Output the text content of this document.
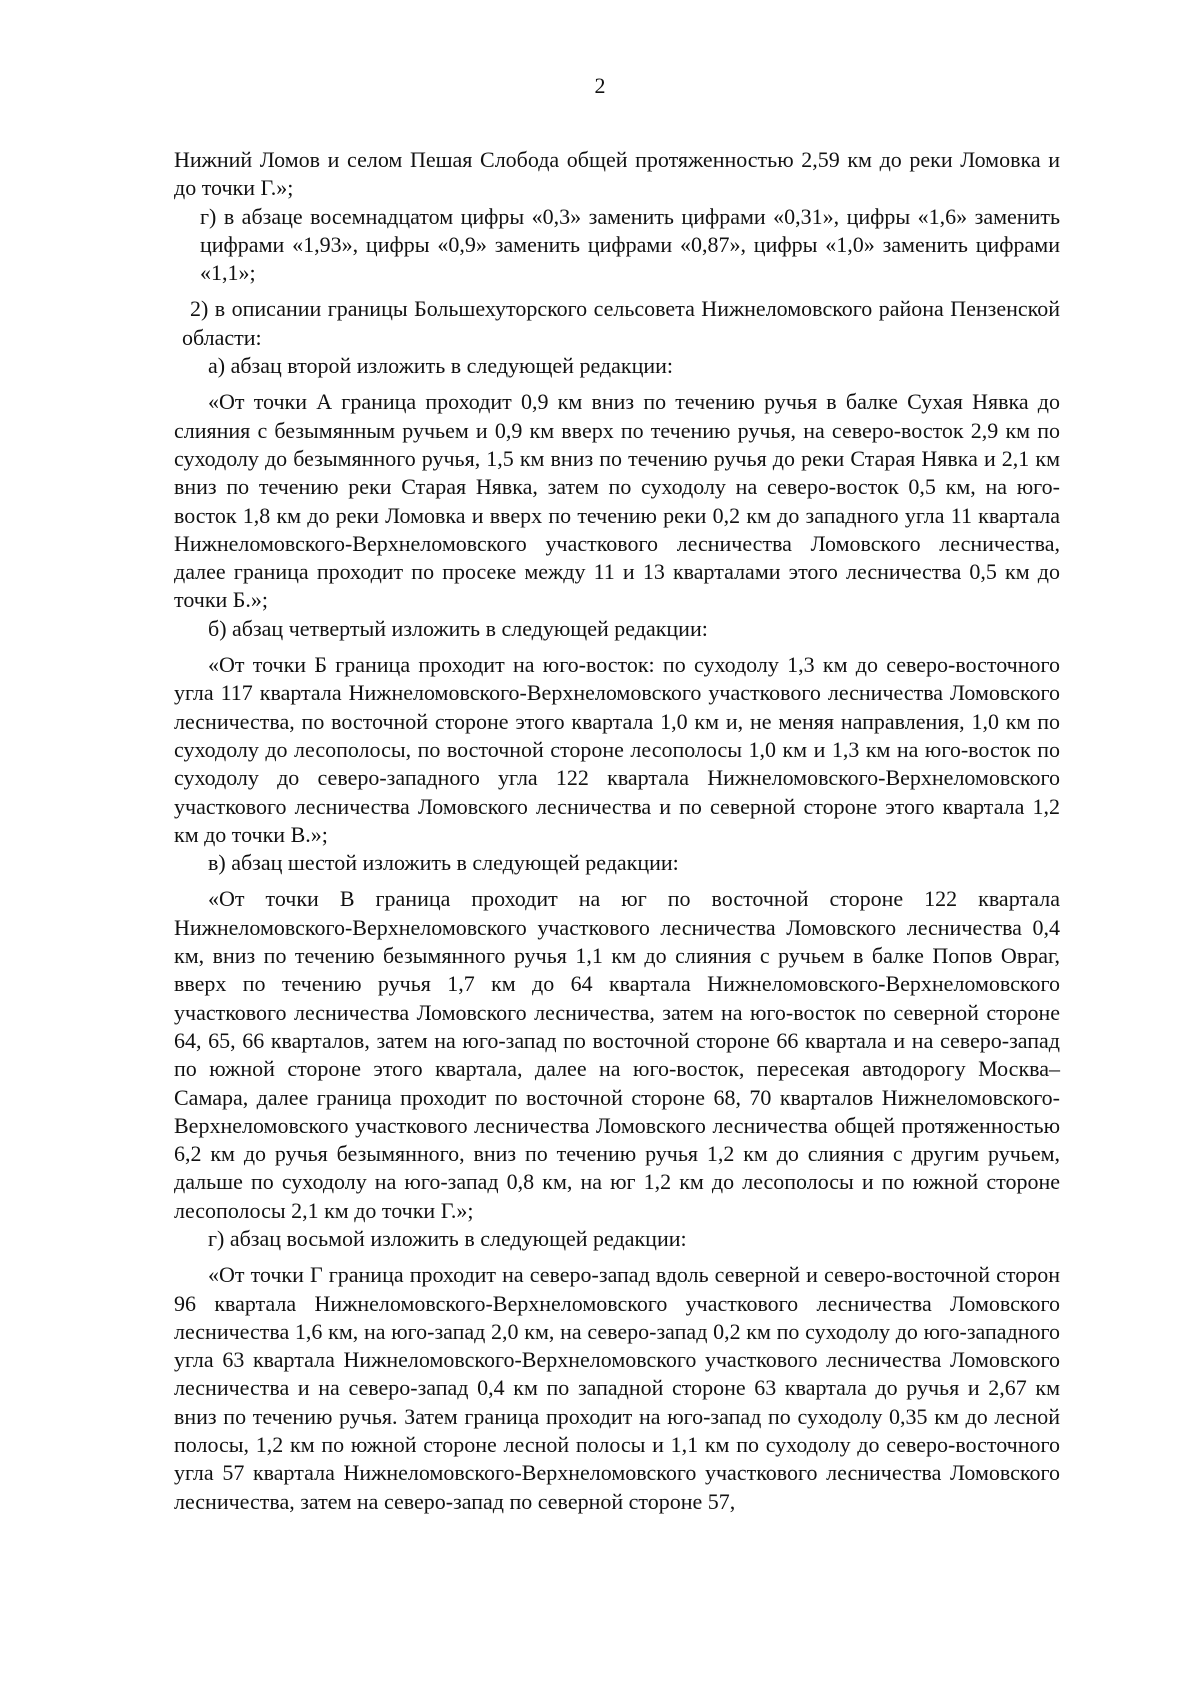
2

Нижний Ломов и селом Пешая Слобода общей протяженностью 2,59 км до реки Ломовка и до точки Г.»;

г) в абзаце восемнадцатом цифры «0,3» заменить цифрами «0,31», цифры «1,6» заменить цифрами «1,93», цифры «0,9» заменить цифрами «0,87», цифры «1,0» заменить цифрами «1,1»;

2) в описании границы Большехуторского сельсовета Нижнеломовского района Пензенской области:

а) абзац второй изложить в следующей редакции:

«От точки А граница проходит 0,9 км вниз по течению ручья в балке Сухая Нявка до слияния с безымянным ручьем и 0,9 км вверх по течению ручья, на северо-восток 2,9 км по суходолу до безымянного ручья, 1,5 км вниз по течению ручья до реки Старая Нявка и 2,1 км вниз по течению реки Старая Нявка, затем по суходолу на северо-восток 0,5 км, на юго-восток 1,8 км до реки Ломовка и вверх по течению реки 0,2 км до западного угла 11 квартала Нижнеломовского-Верхнеломовского участкового лесничества Ломовского лесничества, далее граница проходит по просеке между 11 и 13 кварталами этого лесничества 0,5 км до точки Б.»;

б) абзац четвертый изложить в следующей редакции:

«От точки Б граница проходит на юго-восток: по суходолу 1,3 км до северо-восточного угла 117 квартала Нижнеломовского-Верхнеломовского участкового лесничества Ломовского лесничества, по восточной стороне этого квартала 1,0 км и, не меняя направления, 1,0 км по суходолу до лесополосы, по восточной стороне лесополосы 1,0 км и 1,3 км на юго-восток по суходолу до северо-западного угла 122 квартала Нижнеломовского-Верхнеломовского участкового лесничества Ломовского лесничества и по северной стороне этого квартала 1,2 км до точки В.»;

в) абзац шестой изложить в следующей редакции:

«От точки В граница проходит на юг по восточной стороне 122 квартала Нижнеломовского-Верхнеломовского участкового лесничества Ломовского лесничества 0,4 км, вниз по течению безымянного ручья 1,1 км до слияния с ручьем в балке Попов Овраг, вверх по течению ручья 1,7 км до 64 квартала Нижнеломовского-Верхнеломовского участкового лесничества Ломовского лесничества, затем на юго-восток по северной стороне 64, 65, 66 кварталов, затем на юго-запад по восточной стороне 66 квартала и на северо-запад по южной стороне этого квартала, далее на юго-восток, пересекая автодорогу Москва–Самара, далее граница проходит по восточной стороне 68, 70 кварталов Нижнеломовского-Верхнеломовского участкового лесничества Ломовского лесничества общей протяженностью 6,2 км до ручья безымянного, вниз по течению ручья 1,2 км до слияния с другим ручьем, дальше по суходолу на юго-запад 0,8 км, на юг 1,2 км до лесополосы и по южной стороне лесополосы 2,1 км до точки Г.»;

г) абзац восьмой изложить в следующей редакции:

«От точки Г граница проходит на северо-запад вдоль северной и северо-восточной сторон 96 квартала Нижнеломовского-Верхнеломовского участкового лесничества Ломовского лесничества 1,6 км, на юго-запад 2,0 км, на северо-запад 0,2 км по суходолу до юго-западного угла 63 квартала Нижнеломовского-Верхнеломовского участкового лесничества Ломовского лесничества и на северо-запад 0,4 км по западной стороне 63 квартала до ручья и 2,67 км вниз по течению ручья. Затем граница проходит на юго-запад по суходолу 0,35 км до лесной полосы, 1,2 км по южной стороне лесной полосы и 1,1 км по суходолу до северо-восточного угла 57 квартала Нижнеломовского-Верхнеломовского участкового лесничества Ломовского лесничества, затем на северо-запад по северной стороне 57,
